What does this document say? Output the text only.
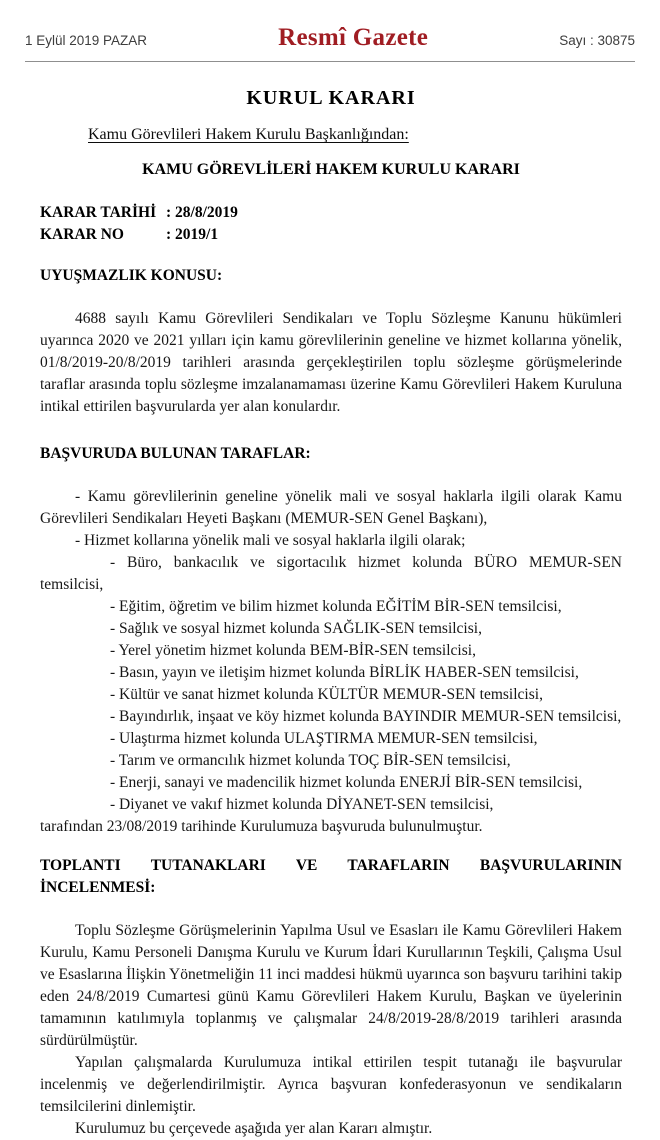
1 Eylül 2019 PAZAR	Resmî Gazete	Sayı : 30875
KURUL KARARI
Kamu Görevlileri Hakem Kurulu Başkanlığından:
KAMU GÖREVLİLERİ HAKEM KURULU KARARI
KARAR TARİHİ : 28/8/2019
KARAR NO	: 2019/1
UYUŞMAZLIK KONUSU:

4688 sayılı Kamu Görevlileri Sendikaları ve Toplu Sözleşme Kanunu hükümleri uyarınca 2020 ve 2021 yılları için kamu görevlilerinin geneline ve hizmet kollarına yönelik, 01/8/2019-20/8/2019 tarihleri arasında gerçekleştirilen toplu sözleşme görüşmelerinde taraflar arasında toplu sözleşme imzalanamaması üzerine Kamu Görevlileri Hakem Kuruluna intikal ettirilen başvurularda yer alan konulardır.

BAŞVURUDA BULUNAN TARAFLAR:

- Kamu görevlilerinin geneline yönelik mali ve sosyal haklarla ilgili olarak Kamu Görevlileri Sendikaları Heyeti Başkanı (MEMUR-SEN Genel Başkanı),

- Hizmet kollarına yönelik mali ve sosyal haklarla ilgili olarak;

- Büro, bankacılık ve sigortacılık hizmet kolunda BÜRO MEMUR-SEN temsilcisi,

- Eğitim, öğretim ve bilim hizmet kolunda EĞİTİM BİR-SEN temsilcisi,

- Sağlık ve sosyal hizmet kolunda SAĞLIK-SEN temsilcisi,

- Yerel yönetim hizmet kolunda BEM-BİR-SEN temsilcisi,

- Basın, yayın ve iletişim hizmet kolunda BİRLİK HABER-SEN temsilcisi,

- Kültür ve sanat hizmet kolunda KÜLTÜR MEMUR-SEN temsilcisi,

- Bayındırlık, inşaat ve köy hizmet kolunda BAYINDIR MEMUR-SEN temsilcisi,

- Ulaştırma hizmet kolunda ULAŞTIRMA MEMUR-SEN temsilcisi,

- Tarım ve ormancılık hizmet kolunda TOÇ BİR-SEN temsilcisi,

- Enerji, sanayi ve madencilik hizmet kolunda ENERJİ BİR-SEN temsilcisi,

- Diyanet ve vakıf hizmet kolunda DİYANET-SEN temsilcisi,

tarafından 23/08/2019 tarihinde Kurulumuza başvuruda bulunulmuştur.

TOPLANTI TUTANAKLARI VE TARAFLARIN BAŞVURULARININ
İNCELENMESİ:

Toplu Sözleşme Görüşmelerinin Yapılma Usul ve Esasları ile Kamu Görevlileri Hakem Kurulu, Kamu Personeli Danışma Kurulu ve Kurum İdari Kurullarının Teşkili, Çalışma Usul ve Esaslarına İlişkin Yönetmeliğin 11 inci maddesi hükmü uyarınca son başvuru tarihini takip eden 24/8/2019 Cumartesi günü Kamu Görevlileri Hakem Kurulu, Başkan ve üyelerinin tamamının katılımıyla toplanmış ve çalışmalar 24/8/2019-28/8/2019 tarihleri arasında sürdürülmüştür.

Yapılan çalışmalarda Kurulumuza intikal ettirilen tespit tutanağı ile başvurular incelenmiş ve değerlendirilmiştir. Ayrıca başvuran konfederasyonun ve sendikaların temsilcilerini dinlemiştir.

Kurulumuz bu çerçevede aşağıda yer alan Kararı almıştır.
